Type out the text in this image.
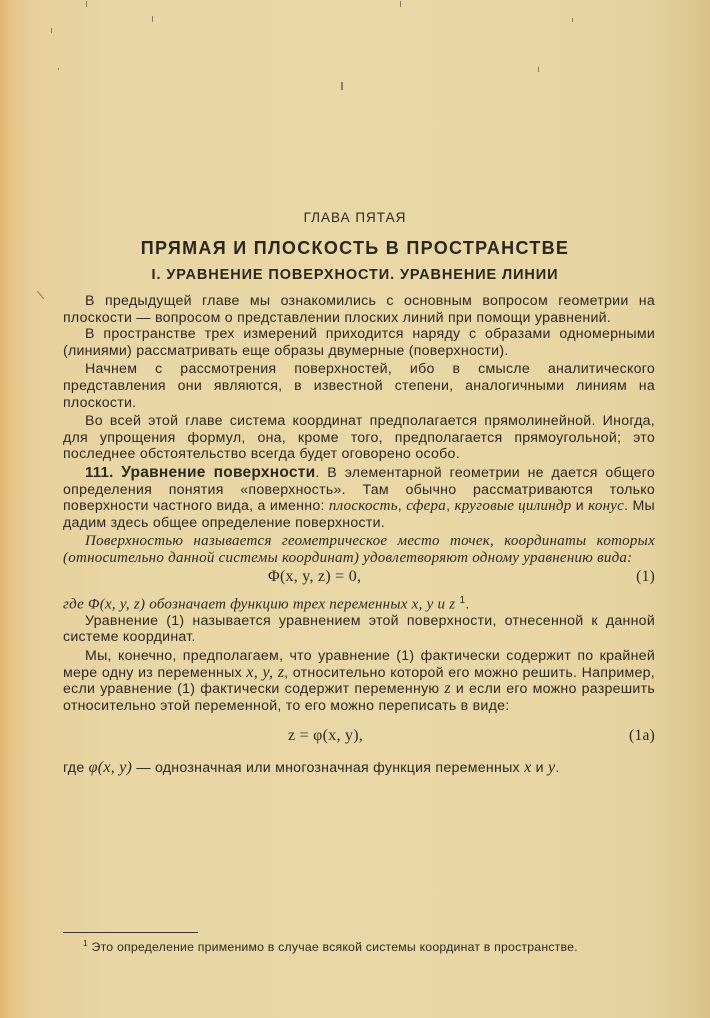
ГЛАВА ПЯТАЯ
ПРЯМАЯ И ПЛОСКОСТЬ В ПРОСТРАНСТВЕ
I. УРАВНЕНИЕ ПОВЕРХНОСТИ. УРАВНЕНИЕ ЛИНИИ

В предыдущей главе мы ознакомились с основным вопросом геометрии на плоскости — вопросом о представлении плоских линий при помощи уравнений.

В пространстве трех измерений приходится наряду с образами одномерными (линиями) рассматривать еще образы двумерные (поверхности).

Начнем с рассмотрения поверхностей, ибо в смысле аналитического представления они являются, в известной степени, аналогичными линиям на плоскости.

Во всей этой главе система координат предполагается прямолинейной. Иногда, для упрощения формул, она, кроме того, предполагается прямоугольной; это последнее обстоятельство всегда будет оговорено особо.

111. Уравнение поверхности. В элементарной геометрии не дается общего определения понятия «поверхность». Там обычно рассматриваются только поверхности частного вида, а именно: плоскость, сфера, круговые цилиндр и конус. Мы дадим здесь общее определение поверхности.

Поверхностью называется геометрическое место точек, координаты которых (относительно данной системы координат) удовлетворяют одному уравнению вида:

Φ(x, y, z) = 0,	(1)

где Φ(x, y, z) обозначает функцию трех переменных x, y и z $^1$.

Уравнение (1) называется уравнением этой поверхности, отнесенной к данной системе координат.

Мы, конечно, предполагаем, что уравнение (1) фактически содержит по крайней мере одну из переменных x, y, z, относительно которой его можно решить. Например, если уравнение (1) фактически содержит переменную z и если его можно разрешить относительно этой переменной, то его можно переписать в виде:

z = φ(x, y),	(1a)

где φ(x, y) — однозначная или многозначная функция переменных x и y.

$^1$ Это определение применимо в случае всякой системы координат в пространстве.
